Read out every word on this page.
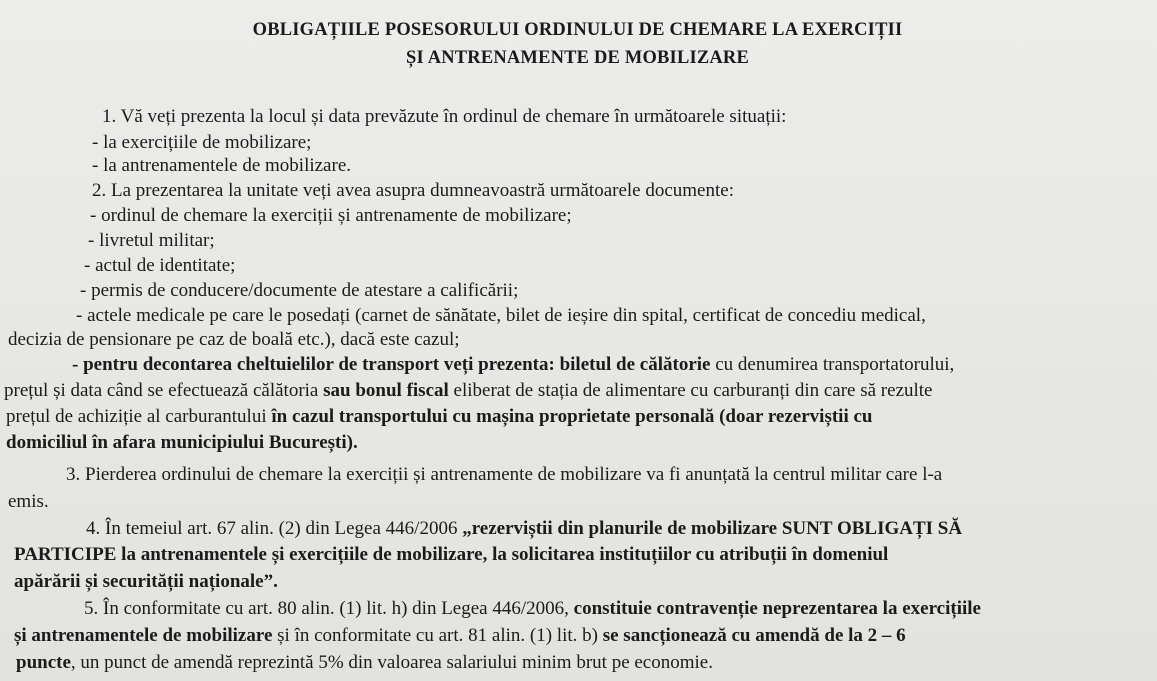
OBLIGAȚIILE POSESORULUI ORDINULUI DE CHEMARE LA EXERCIȚII
ȘI ANTRENAMENTE DE MOBILIZARE
1. Vă veți prezenta la locul și data prevăzute în ordinul de chemare în următoarele situații:
- la exercițiile de mobilizare;
- la antrenamentele de mobilizare.
2. La prezentarea la unitate veți avea asupra dumneavoastră următoarele documente:
- ordinul de chemare la exerciții și antrenamente de mobilizare;
- livretul militar;
- actul de identitate;
- permis de conducere/documente de atestare a calificării;
- actele medicale pe care le posedați (carnet de sănătate, bilet de ieșire din spital, certificat de concediu medical,
decizia de pensionare pe caz de boală etc.), dacă este cazul;
- pentru decontarea cheltuielilor de transport veți prezenta: biletul de călătorie cu denumirea transportatorului,
prețul și data când se efectuează călătoria sau bonul fiscal eliberat de stația de alimentare cu carburanți din care să rezulte
prețul de achiziție al carburantului în cazul transportului cu mașina proprietate personală (doar rezerviștii cu
domiciliul în afara municipiului București).
3. Pierderea ordinului de chemare la exerciții și antrenamente de mobilizare va fi anunțată la centrul militar care l-a
emis.
4. În temeiul art. 67 alin. (2) din Legea 446/2006 „rezerviștii din planurile de mobilizare SUNT OBLIGAȚI SĂ
PARTICIPE la antrenamentele și exercițiile de mobilizare, la solicitarea instituțiilor cu atribuții în domeniul
apărării și securității naționale”.
5. În conformitate cu art. 80 alin. (1) lit. h) din Legea 446/2006, constituie contravenție neprezentarea la exercițiile
și antrenamentele de mobilizare și în conformitate cu art. 81 alin. (1) lit. b) se sancționează cu amendă de la 2 – 6
puncte, un punct de amendă reprezintă 5% din valoarea salariului minim brut pe economie.
